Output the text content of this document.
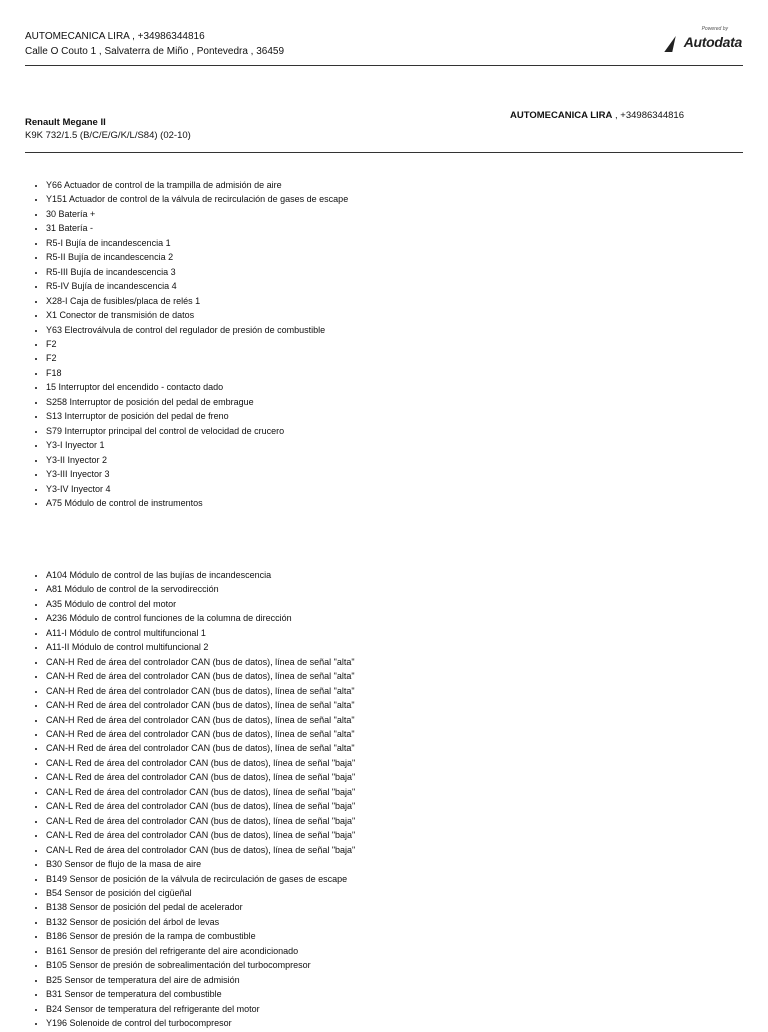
AUTOMECANICA LIRA , +34986344816
Calle O Couto 1 , Salvaterra de Miño , Pontevedra , 36459
Powered by
Autodata
Renault Megane II
K9K 732/1.5 (B/C/E/G/K/L/S84) (02-10)
AUTOMECANICA LIRA , +34986344816
• Y66 Actuador de control de la trampilla de admisión de aire
• Y151 Actuador de control de la válvula de recirculación de gases de escape
• 30 Batería +
• 31 Batería -
• R5-I Bujía de incandescencia 1
• R5-II Bujía de incandescencia 2
• R5-III Bujía de incandescencia 3
• R5-IV Bujía de incandescencia 4
• X28-I Caja de fusibles/placa de relés 1
• X1 Conector de transmisión de datos
• Y63 Electroválvula de control del regulador de presión de combustible
• F2
• F2
• F18
• 15 Interruptor del encendido - contacto dado
• S258 Interruptor de posición del pedal de embrague
• S13 Interruptor de posición del pedal de freno
• S79 Interruptor principal del control de velocidad de crucero
• Y3-I Inyector 1
• Y3-II Inyector 2
• Y3-III Inyector 3
• Y3-IV Inyector 4
• A75 Módulo de control de instrumentos
• A104 Módulo de control de las bujías de incandescencia
• A81 Módulo de control de la servodirección
• A35 Módulo de control del motor
• A236 Módulo de control funciones de la columna de dirección
• A11-I Módulo de control multifuncional 1
• A11-II Módulo de control multifuncional 2
• CAN-H Red de área del controlador CAN (bus de datos), línea de señal "alta"
• CAN-H Red de área del controlador CAN (bus de datos), línea de señal "alta"
• CAN-H Red de área del controlador CAN (bus de datos), línea de señal "alta"
• CAN-H Red de área del controlador CAN (bus de datos), línea de señal "alta"
• CAN-H Red de área del controlador CAN (bus de datos), línea de señal "alta"
• CAN-H Red de área del controlador CAN (bus de datos), línea de señal "alta"
• CAN-H Red de área del controlador CAN (bus de datos), línea de señal "alta"
• CAN-L Red de área del controlador CAN (bus de datos), línea de señal "baja"
• CAN-L Red de área del controlador CAN (bus de datos), línea de señal "baja"
• CAN-L Red de área del controlador CAN (bus de datos), línea de señal "baja"
• CAN-L Red de área del controlador CAN (bus de datos), línea de señal "baja"
• CAN-L Red de área del controlador CAN (bus de datos), línea de señal "baja"
• CAN-L Red de área del controlador CAN (bus de datos), línea de señal "baja"
• CAN-L Red de área del controlador CAN (bus de datos), línea de señal "baja"
• B30 Sensor de flujo de la masa de aire
• B149 Sensor de posición de la válvula de recirculación de gases de escape
• B54 Sensor de posición del cigüeñal
• B138 Sensor de posición del pedal de acelerador
• B132 Sensor de posición del árbol de levas
• B186 Sensor de presión de la rampa de combustible
• B161 Sensor de presión del refrigerante del aire acondicionado
• B105 Sensor de presión de sobrealimentación del turbocompresor
• B25 Sensor de temperatura del aire de admisión
• B31 Sensor de temperatura del combustible
• B24 Sensor de temperatura del refrigerante del motor
• Y196 Solenoide de control del turbocompresor
